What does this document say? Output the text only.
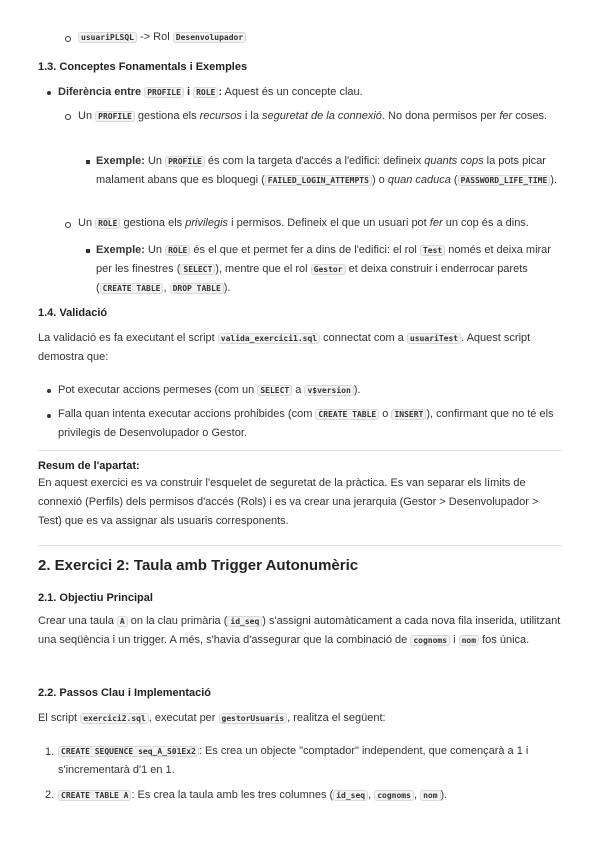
usuariPLSQL -> Rol Desenvolupador
1.3. Conceptes Fonamentals i Exemples
Diferència entre PROFILE i ROLE : Aquest és un concepte clau.
Un PROFILE gestiona els recursos i la seguretat de la connexió. No dona permisos per fer coses.
Exemple: Un PROFILE és com la targeta d'accés a l'edifici: defineix quants cops la pots picar malament abans que es bloquegi ( FAILED_LOGIN_ATTEMPTS ) o quan caduca ( PASSWORD_LIFE_TIME ).
Un ROLE gestiona els privilegis i permisos. Defineix el que un usuari pot fer un cop és a dins.
Exemple: Un ROLE és el que et permet fer a dins de l'edifici: el rol Test només et deixa mirar per les finestres ( SELECT ), mentre que el rol Gestor et deixa construir i enderrocar parets ( CREATE TABLE , DROP TABLE ).
1.4. Validació
La validació es fa executant el script valida_exercici1.sql connectat com a usuariTest . Aquest script demostra que:
Pot executar accions permeses (com un SELECT a v$version ).
Falla quan intenta executar accions prohibides (com CREATE TABLE o INSERT ), confirmant que no té els privilegis de Desenvolupador o Gestor.
Resum de l'apartat:
En aquest exercici es va construir l'esquelet de seguretat de la pràctica. Es van separar els límits de connexió (Perfils) dels permisos d'accés (Rols) i es va crear una jerarquia (Gestor > Desenvolupador > Test) que es va assignar als usuaris corresponents.
2. Exercici 2: Taula amb Trigger Autonumèric
2.1. Objectiu Principal
Crear una taula A on la clau primària ( id_seq ) s'assigni automàticament a cada nova fila inserida, utilitzant una seqüència i un trigger. A més, s'havia d'assegurar que la combinació de cognoms i nom fos única.
2.2. Passos Clau i Implementació
El script exercici2.sql , executat per gestorUsuaris , realitza el següent:
1. CREATE SEQUENCE seq_A_S01Ex2 : Es crea un objecte "comptador" independent, que començarà a 1 i s'incrementarà d'1 en 1.
2. CREATE TABLE A : Es crea la taula amb les tres columnes ( id_seq , cognoms , nom ).
